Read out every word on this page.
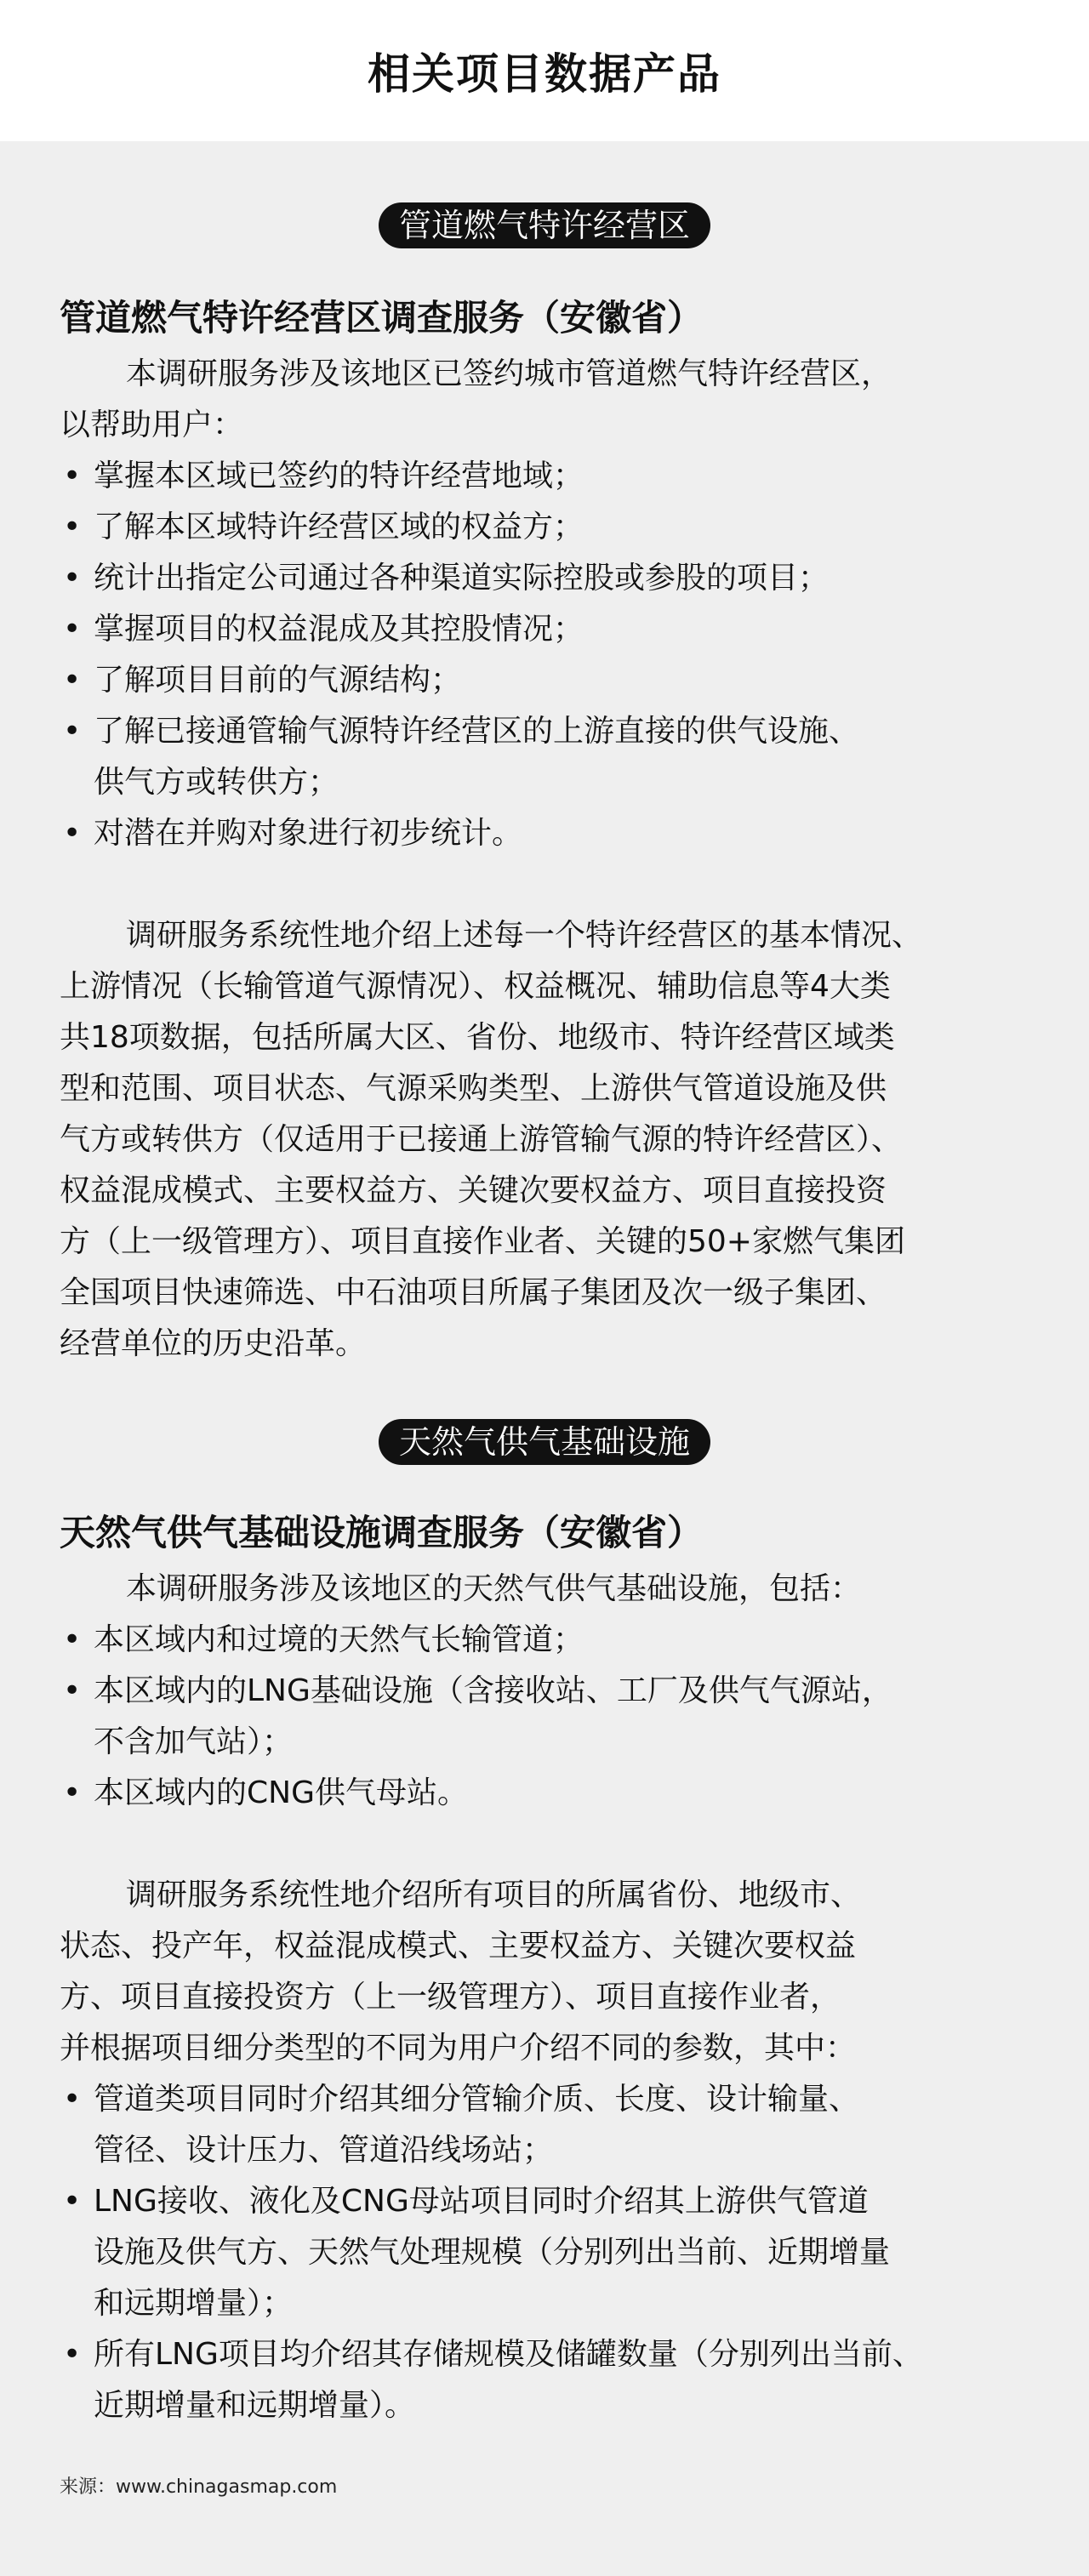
相关项目数据产品
管道燃气特许经营区
管道燃气特许经营区调查服务（安徽省）

本调研服务涉及该地区已签约城市管道燃气特许经营区，

以帮助用户：

• 掌握本区域已签约的特许经营地域；
• 了解本区域特许经营区域的权益方；
• 统计出指定公司通过各种渠道实际控股或参股的项目；
• 掌握项目的权益混成及其控股情况；
• 了解项目目前的气源结构；
• 了解已接通管输气源特许经营区的上游直接的供气设施、
供气方或转供方；
• 对潜在并购对象进行初步统计。

调研服务系统性地介绍上述每一个特许经营区的基本情况、

上游情况（长输管道气源情况）、权益概况、辅助信息等4大类

共18项数据，包括所属大区、省份、地级市、特许经营区域类

型和范围、项目状态、气源采购类型、上游供气管道设施及供

气方或转供方（仅适用于已接通上游管输气源的特许经营区）、

权益混成模式、主要权益方、关键次要权益方、项目直接投资

方（上一级管理方）、项目直接作业者、关键的50+家燃气集团

全国项目快速筛选、中石油项目所属子集团及次一级子集团、

经营单位的历史沿革。

天然气供气基础设施
天然气供气基础设施调查服务（安徽省）

本调研服务涉及该地区的天然气供气基础设施，包括：

• 本区域内和过境的天然气长输管道；
• 本区域内的LNG基础设施（含接收站、工厂及供气气源站，
不含加气站）；
• 本区域内的CNG供气母站。

调研服务系统性地介绍所有项目的所属省份、地级市、

状态、投产年，权益混成模式、主要权益方、关键次要权益

方、项目直接投资方（上一级管理方）、项目直接作业者，

并根据项目细分类型的不同为用户介绍不同的参数，其中：

• 管道类项目同时介绍其细分管输介质、长度、设计输量、
管径、设计压力、管道沿线场站；
• LNG接收、液化及CNG母站项目同时介绍其上游供气管道
设施及供气方、天然气处理规模（分别列出当前、近期增量
和远期增量）；
• 所有LNG项目均介绍其存储规模及储罐数量（分别列出当前、
近期增量和远期增量）。
来源：www.chinagasmap.com
